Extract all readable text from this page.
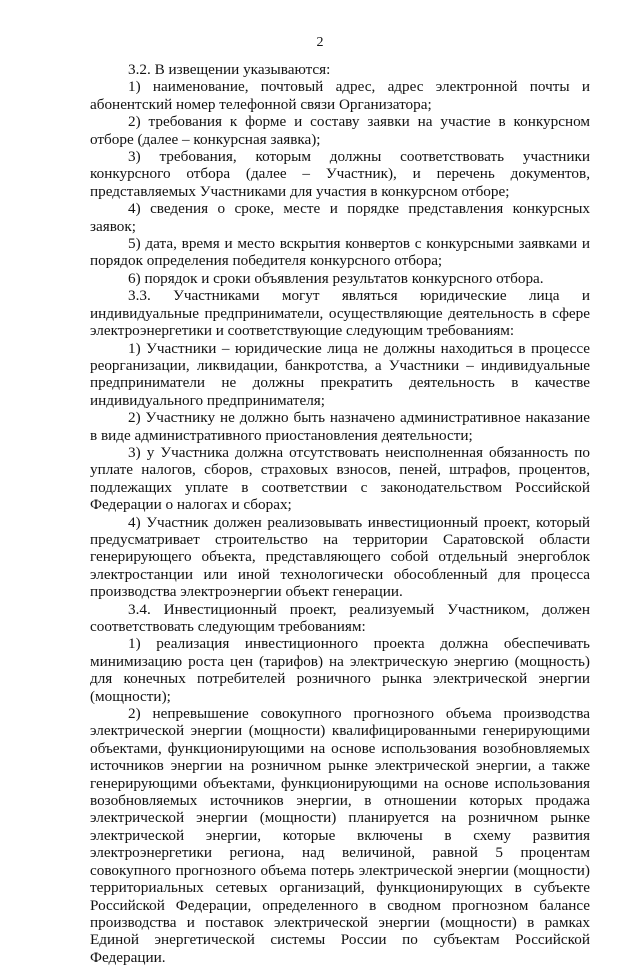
2

3.2. В извещении указываются:

1) наименование, почтовый адрес, адрес электронной почты и абонентский номер телефонной связи Организатора;

2) требования к форме и составу заявки на участие в конкурсном отборе (далее – конкурсная заявка);

3) требования, которым должны соответствовать участники конкурсного отбора (далее – Участник), и перечень документов, представляемых Участниками для участия в конкурсном отборе;

4) сведения о сроке, месте и порядке представления конкурсных заявок;

5) дата, время и место вскрытия конвертов с конкурсными заявками и порядок определения победителя конкурсного отбора;

6) порядок и сроки объявления результатов конкурсного отбора.

3.3. Участниками могут являться юридические лица и индивидуальные предприниматели, осуществляющие деятельность в сфере электроэнергетики и соответствующие следующим требованиям:

1) Участники – юридические лица не должны находиться в процессе реорганизации, ликвидации, банкротства, а Участники – индивидуальные предприниматели не должны прекратить деятельность в качестве индивидуального предпринимателя;

2) Участнику не должно быть назначено административное наказание в виде административного приостановления деятельности;

3) у Участника должна отсутствовать неисполненная обязанность по уплате налогов, сборов, страховых взносов, пеней, штрафов, процентов, подлежащих уплате в соответствии с законодательством Российской Федерации о налогах и сборах;

4) Участник должен реализовывать инвестиционный проект, который предусматривает строительство на территории Саратовской области генерирующего объекта, представляющего собой отдельный энергоблок электростанции или иной технологически обособленный для процесса производства электроэнергии объект генерации.

3.4. Инвестиционный проект, реализуемый Участником, должен соответствовать следующим требованиям:

1) реализация инвестиционного проекта должна обеспечивать минимизацию роста цен (тарифов) на электрическую энергию (мощность) для конечных потребителей розничного рынка электрической энергии (мощности);

2) непревышение совокупного прогнозного объема производства электрической энергии (мощности) квалифицированными генерирующими объектами, функционирующими на основе использования возобновляемых источников энергии на розничном рынке электрической энергии, а также генерирующими объектами, функционирующими на основе использования возобновляемых источников энергии, в отношении которых продажа электрической энергии (мощности) планируется на розничном рынке электрической энергии, которые включены в схему развития электроэнергетики региона, над величиной, равной 5 процентам совокупного прогнозного объема потерь электрической энергии (мощности) территориальных сетевых организаций, функционирующих в субъекте Российской Федерации, определенного в сводном прогнозном балансе производства и поставок электрической энергии (мощности) в рамках Единой энергетической системы России по субъектам Российской Федерации.
